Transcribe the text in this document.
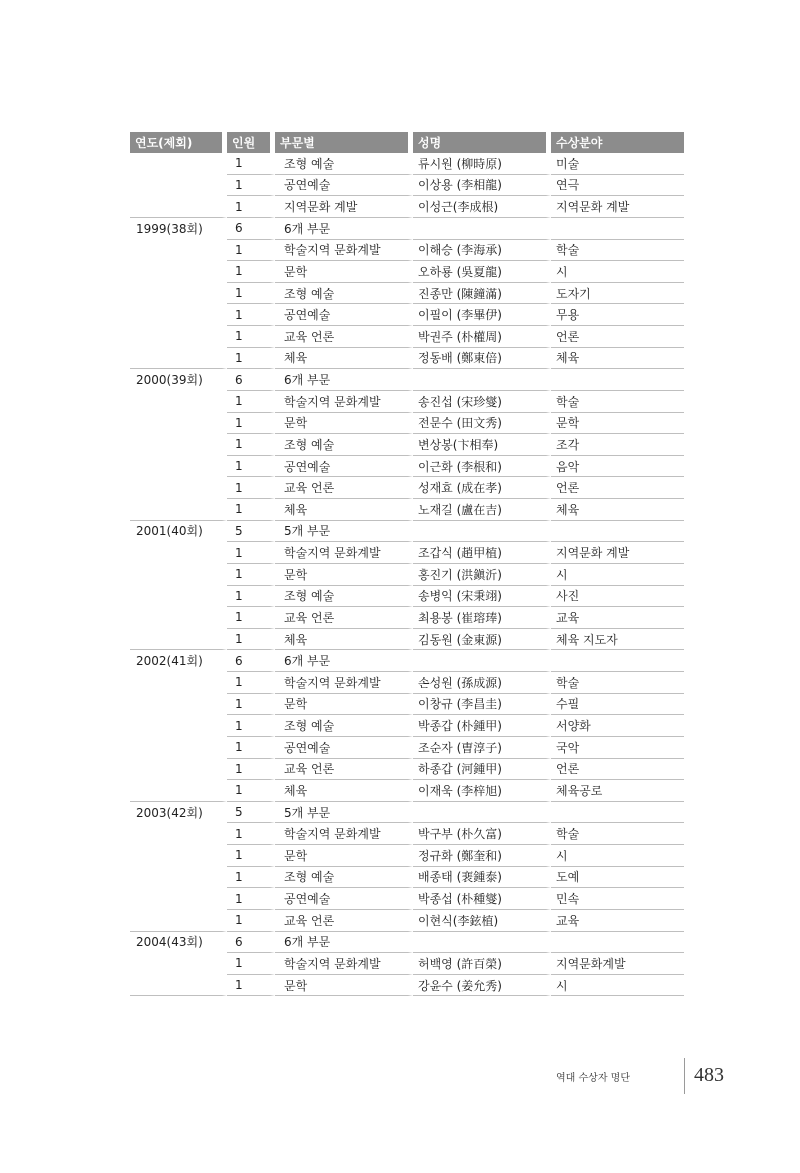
연도(제회)	인원	부문별	성명	수상분야
	1	조형 예술	류시원 (柳時原)	미술
	1	공연예술	이상용 (李相龍)	연극
	1	지역문화 계발	이성근(李成根)	지역문화 계발
1999(38회)	6	6개 부문		
	1	학술지역 문화계발	이해승 (李海承)	학술
	1	문학	오하룡 (吳夏龍)	시
	1	조형 예술	진종만 (陳鐘滿)	도자기
	1	공연예술	이필이 (李畢伊)	무용
	1	교육 언론	박권주 (朴權周)	언론
	1	체육	정동배 (鄭東倍)	체육
2000(39회)	6	6개 부문		
	1	학술지역 문화계발	송진섭 (宋珍燮)	학술
	1	문학	전문수 (田文秀)	문학
	1	조형 예술	변상봉(卞相奉)	조각
	1	공연예술	이근화 (李根和)	음악
	1	교육 언론	성재효 (成在孝)	언론
	1	체육	노재길 (盧在吉)	체육
2001(40회)	5	5개 부문		
	1	학술지역 문화계발	조갑식 (趙甲植)	지역문화 계발
	1	문학	홍진기 (洪鎭沂)	시
	1	조형 예술	송병익 (宋秉翊)	사진
	1	교육 언론	최용봉 (崔瑢琫)	교육
	1	체육	김동원 (金東源)	체육 지도자
2002(41회)	6	6개 부문		
	1	학술지역 문화계발	손성원 (孫成源)	학술
	1	문학	이창규 (李昌圭)	수필
	1	조형 예술	박종갑 (朴鍾甲)	서양화
	1	공연예술	조순자 (曺淳子)	국악
	1	교육 언론	하종갑 (河鍾甲)	언론
	1	체육	이재욱 (李梓旭)	체육공로
2003(42회)	5	5개 부문		
	1	학술지역 문화계발	박구부 (朴久富)	학술
	1	문학	정규화 (鄭奎和)	시
	1	조형 예술	배종태 (裵鍾泰)	도예
	1	공연예술	박종섭 (朴種燮)	민속
	1	교육 언론	이현식(李鉉植)	교육
2004(43회)	6	6개 부문		
	1	학술지역 문화계발	허백영 (許百榮)	지역문화계발
	1	문학	강윤수 (姜允秀)	시
역대 수상자 명단	483
